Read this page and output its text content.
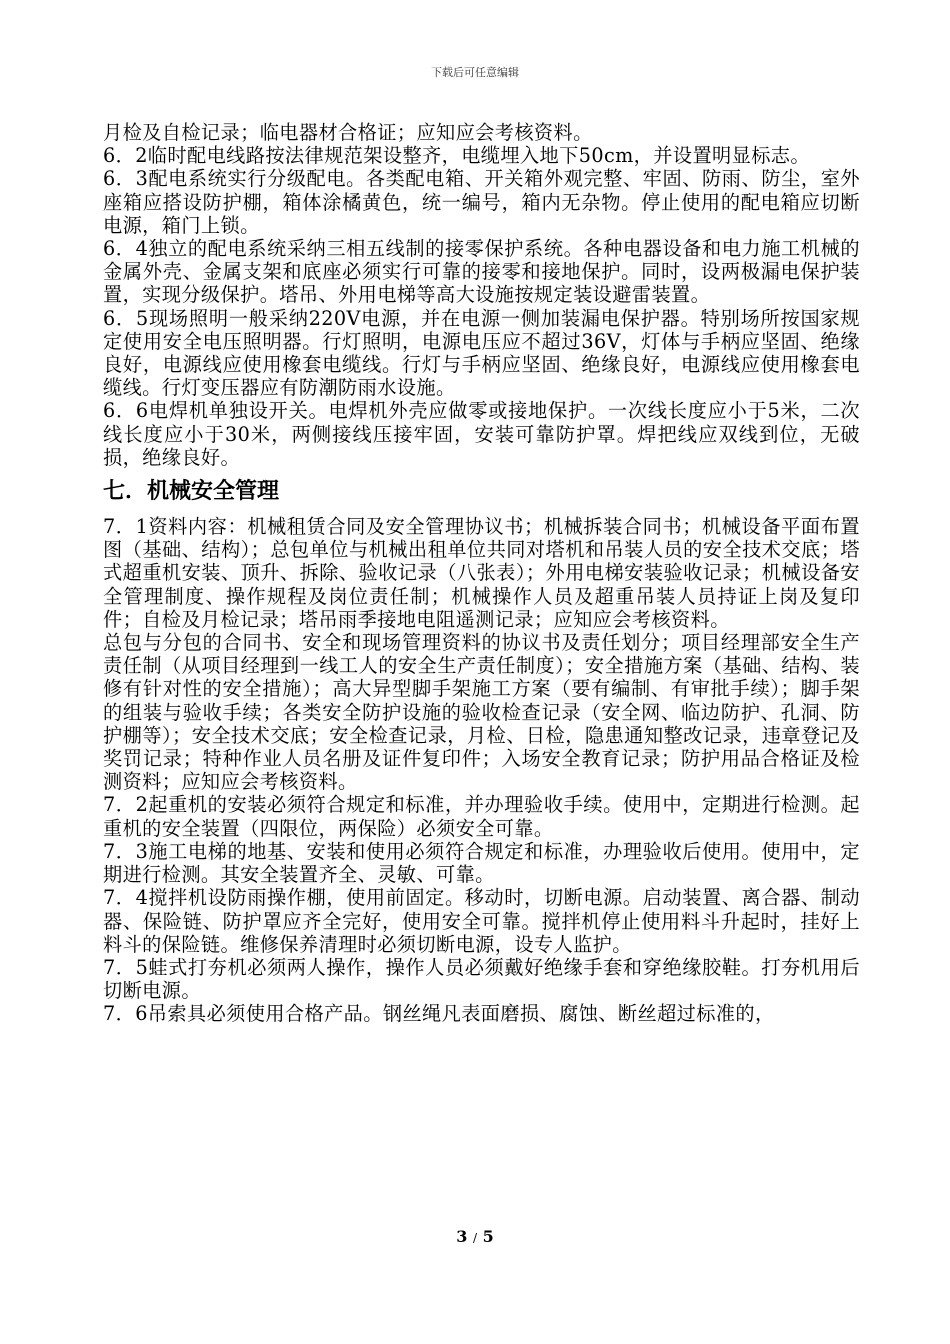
下载后可任意编辑

月检及自检记录；临电器材合格证；应知应会考核资料。

6．2临时配电线路按法律规范架设整齐，电缆埋入地下50cm，并设置明显标志。

6．3配电系统实行分级配电。各类配电箱、开关箱外观完整、牢固、防雨、防尘，室外座箱应搭设防护棚，箱体涂橘黄色，统一编号，箱内无杂物。停止使用的配电箱应切断电源，箱门上锁。

6．4独立的配电系统采纳三相五线制的接零保护系统。各种电器设备和电力施工机械的金属外壳、金属支架和底座必须实行可靠的接零和接地保护。同时，设两极漏电保护装置，实现分级保护。塔吊、外用电梯等高大设施按规定装设避雷装置。

6．5现场照明一般采纳220V电源，并在电源一侧加装漏电保护器。特别场所按国家规定使用安全电压照明器。行灯照明，电源电压应不超过36V，灯体与手柄应坚固、绝缘良好，电源线应使用橡套电缆线。行灯与手柄应坚固、绝缘良好，电源线应使用橡套电缆线。行灯变压器应有防潮防雨水设施。

6．6电焊机单独设开关。电焊机外壳应做零或接地保护。一次线长度应小于5米，二次线长度应小于30米，两侧接线压接牢固，安装可靠防护罩。焊把线应双线到位，无破损，绝缘良好。

七．机械安全管理

7．1资料内容：机械租赁合同及安全管理协议书；机械拆装合同书；机械设备平面布置图（基础、结构）；总包单位与机械出租单位共同对塔机和吊装人员的安全技术交底；塔式超重机安装、顶升、拆除、验收记录（八张表）；外用电梯安装验收记录；机械设备安全管理制度、操作规程及岗位责任制；机械操作人员及超重吊装人员持证上岗及复印件；自检及月检记录；塔吊雨季接地电阻遥测记录；应知应会考核资料。

总包与分包的合同书、安全和现场管理资料的协议书及责任划分；项目经理部安全生产责任制（从项目经理到一线工人的安全生产责任制度）；安全措施方案（基础、结构、装修有针对性的安全措施）；高大异型脚手架施工方案（要有编制、有审批手续）；脚手架的组装与验收手续；各类安全防护设施的验收检查记录（安全网、临边防护、孔洞、防护棚等）；安全技术交底；安全检查记录，月检、日检，隐患通知整改记录，违章登记及奖罚记录；特种作业人员名册及证件复印件；入场安全教育记录；防护用品合格证及检测资料；应知应会考核资料。

7．2起重机的安装必须符合规定和标准，并办理验收手续。使用中，定期进行检测。起重机的安全装置（四限位，两保险）必须安全可靠。

7．3施工电梯的地基、安装和使用必须符合规定和标准，办理验收后使用。使用中，定期进行检测。其安全装置齐全、灵敏、可靠。

7．4搅拌机设防雨操作棚，使用前固定。移动时，切断电源。启动装置、离合器、制动器、保险链、防护罩应齐全完好，使用安全可靠。搅拌机停止使用料斗升起时，挂好上料斗的保险链。维修保养清理时必须切断电源，设专人监护。

7．5蛙式打夯机必须两人操作，操作人员必须戴好绝缘手套和穿绝缘胶鞋。打夯机用后切断电源。

7．6吊索具必须使用合格产品。钢丝绳凡表面磨损、腐蚀、断丝超过标准的，

3 / 5
